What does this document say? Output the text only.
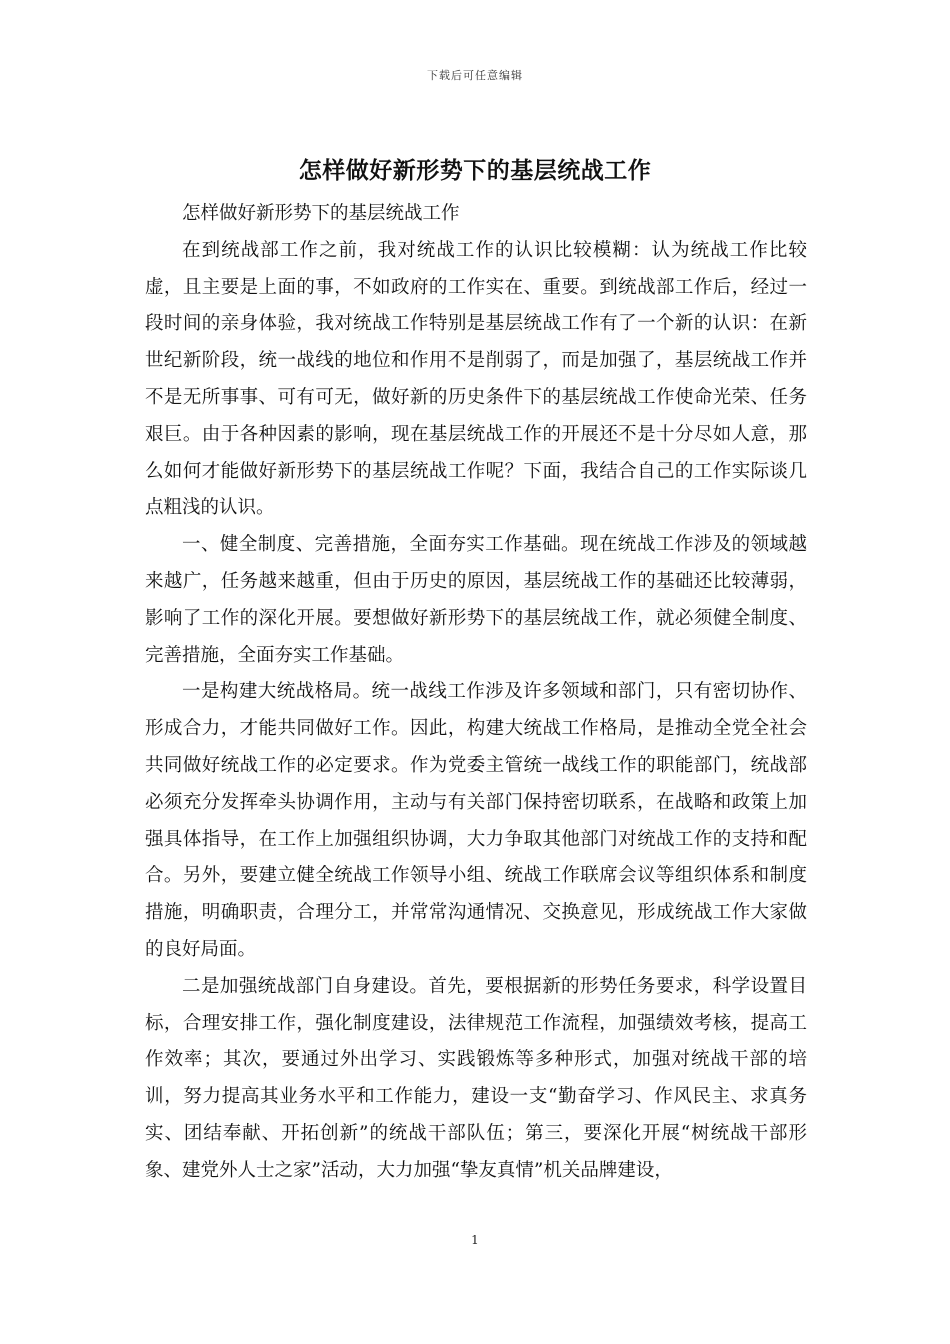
下载后可任意编辑
怎样做好新形势下的基层统战工作

怎样做好新形势下的基层统战工作

在到统战部工作之前，我对统战工作的认识比较模糊：认为统战工作比较虚，且主要是上面的事，不如政府的工作实在、重要。到统战部工作后，经过一段时间的亲身体验，我对统战工作特别是基层统战工作有了一个新的认识：在新世纪新阶段，统一战线的地位和作用不是削弱了，而是加强了，基层统战工作并不是无所事事、可有可无，做好新的历史条件下的基层统战工作使命光荣、任务艰巨。由于各种因素的影响，现在基层统战工作的开展还不是十分尽如人意，那么如何才能做好新形势下的基层统战工作呢？下面，我结合自己的工作实际谈几点粗浅的认识。

一、健全制度、完善措施，全面夯实工作基础。现在统战工作涉及的领域越来越广，任务越来越重，但由于历史的原因，基层统战工作的基础还比较薄弱，影响了工作的深化开展。要想做好新形势下的基层统战工作，就必须健全制度、完善措施，全面夯实工作基础。

一是构建大统战格局。统一战线工作涉及许多领域和部门，只有密切协作、形成合力，才能共同做好工作。因此，构建大统战工作格局，是推动全党全社会共同做好统战工作的必定要求。作为党委主管统一战线工作的职能部门，统战部必须充分发挥牵头协调作用，主动与有关部门保持密切联系，在战略和政策上加强具体指导，在工作上加强组织协调，大力争取其他部门对统战工作的支持和配合。另外，要建立健全统战工作领导小组、统战工作联席会议等组织体系和制度措施，明确职责，合理分工，并常常沟通情况、交换意见，形成统战工作大家做的良好局面。

二是加强统战部门自身建设。首先，要根据新的形势任务要求，科学设置目标，合理安排工作，强化制度建设，法律规范工作流程，加强绩效考核，提高工作效率；其次，要通过外出学习、实践锻炼等多种形式，加强对统战干部的培训，努力提高其业务水平和工作能力，建设一支“勤奋学习、作风民主、求真务实、团结奉献、开拓创新”的统战干部队伍；第三，要深化开展“树统战干部形象、建党外人士之家”活动，大力加强“挚友真情”机关品牌建设，

1
